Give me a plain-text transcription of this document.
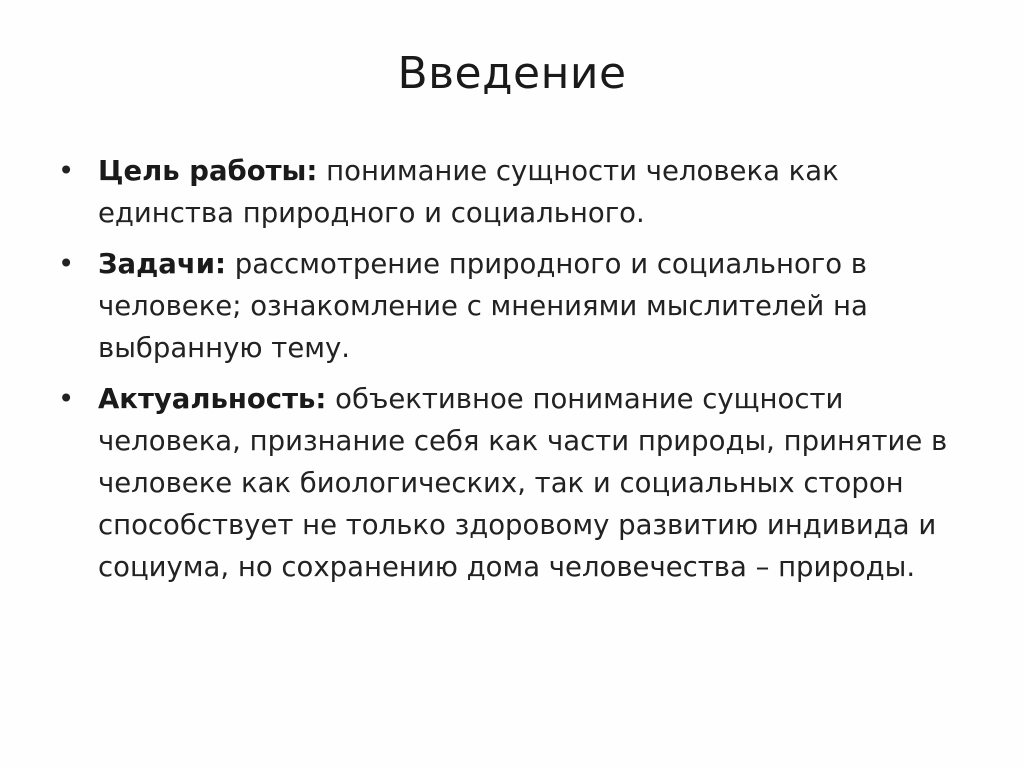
Введение
• Цель работы: понимание сущности человека как единства природного и социального.
• Задачи: рассмотрение природного и социального в человеке; ознакомление с мнениями мыслителей на выбранную тему.
• Актуальность: объективное понимание сущности человека, признание себя как части природы, принятие в человеке как биологических, так и социальных сторон способствует не только здоровому развитию индивида и социума, но сохранению дома человечества – природы.
